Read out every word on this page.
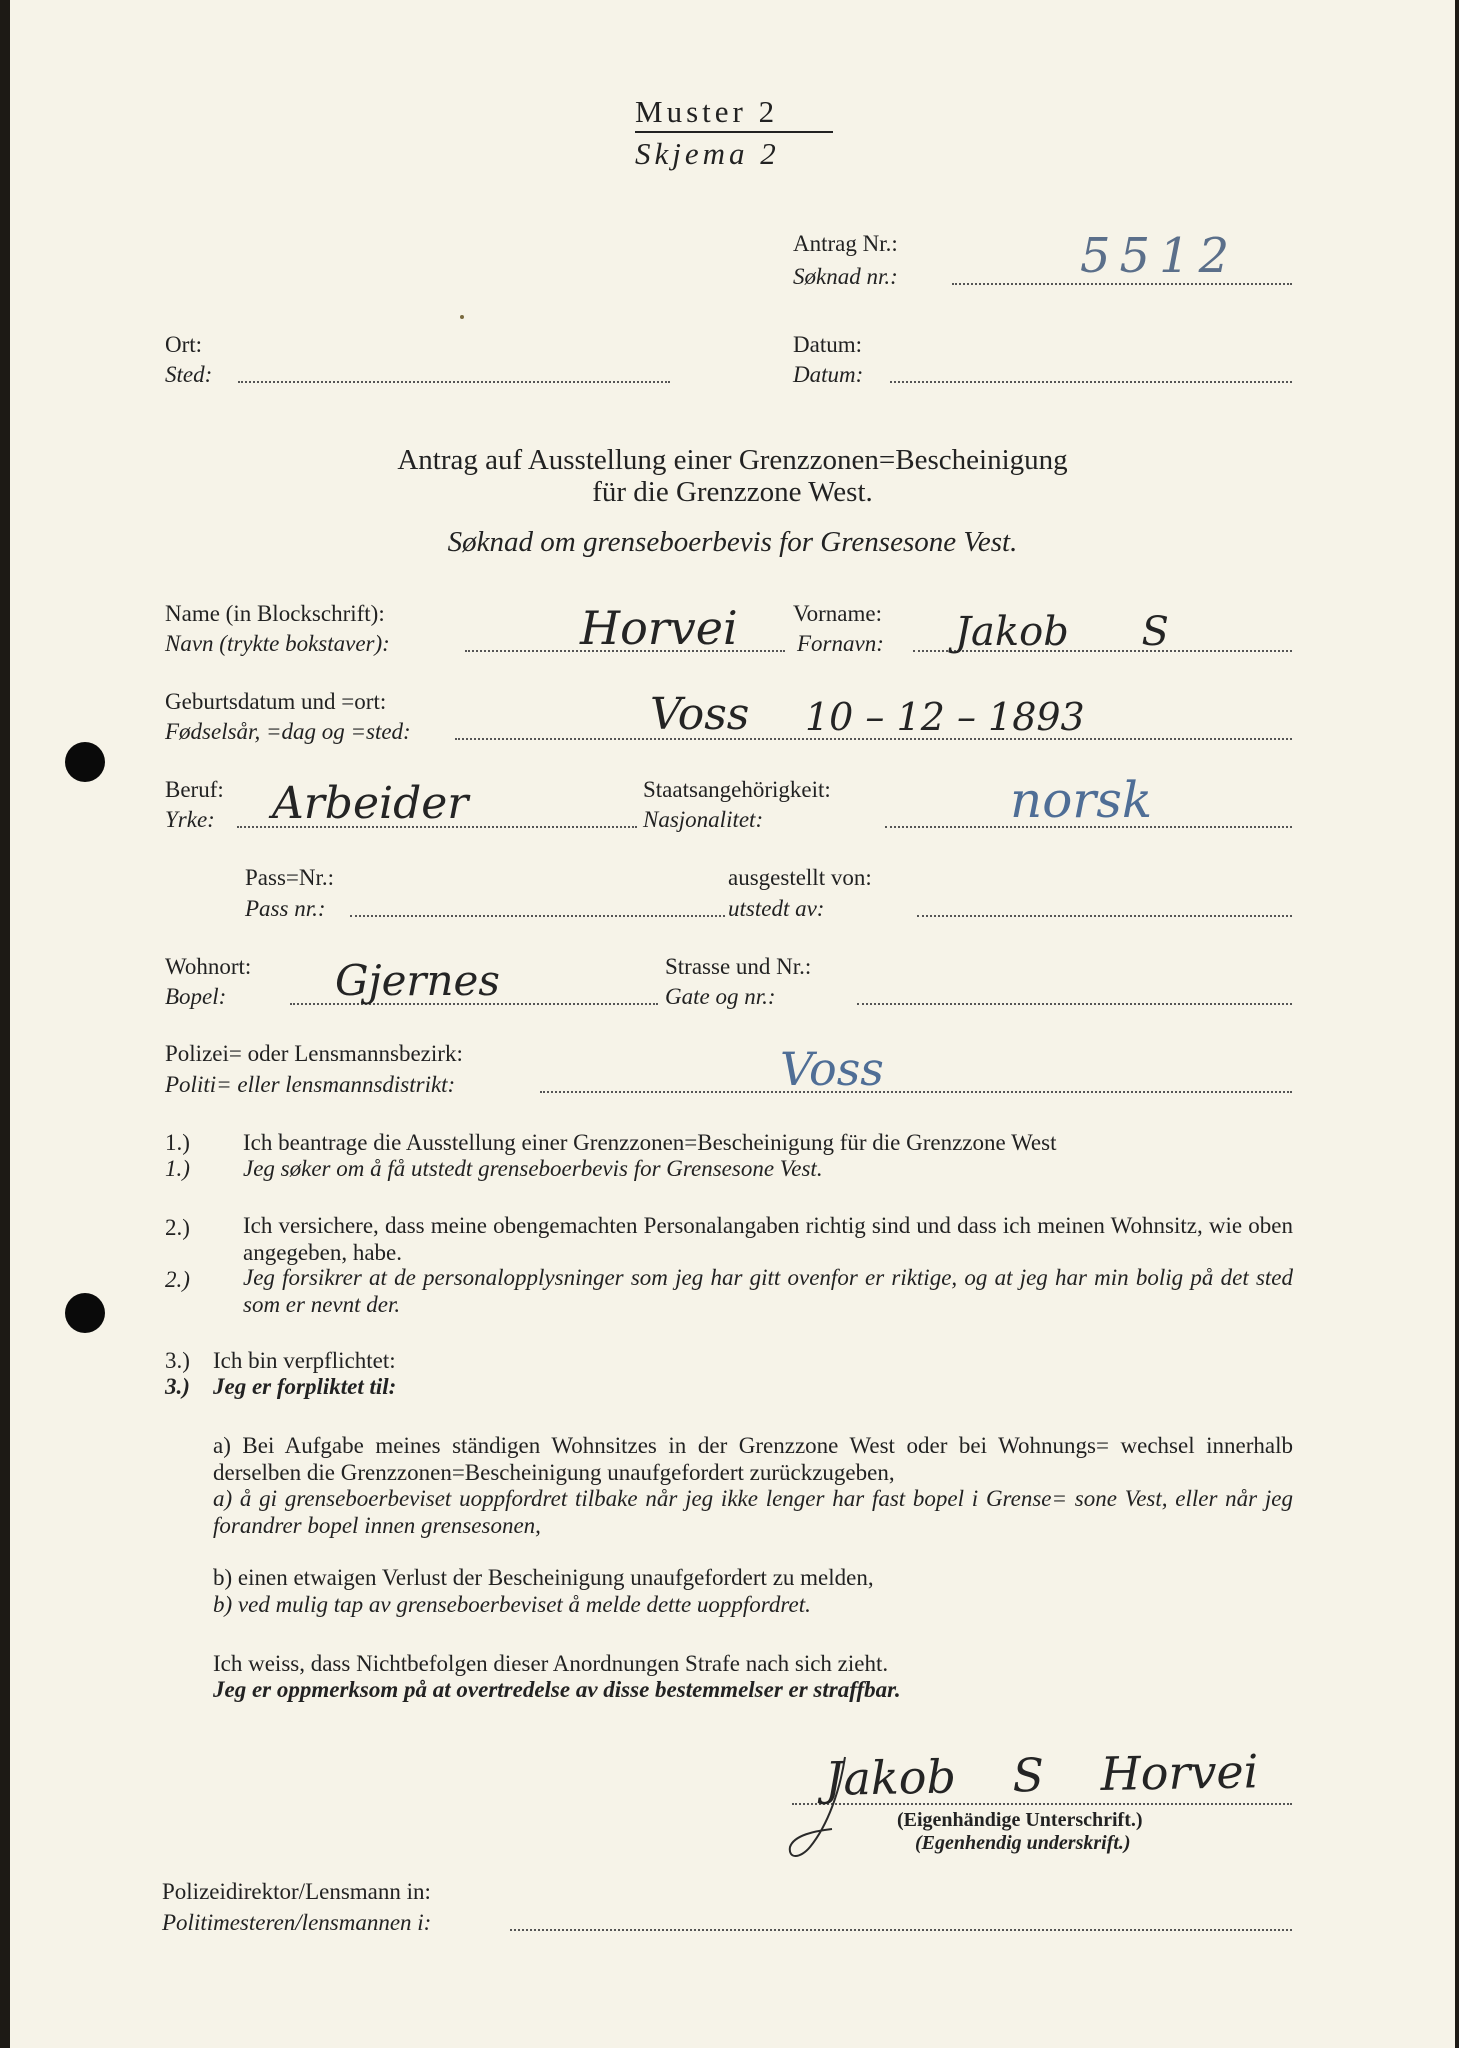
Muster 2
Skjema 2
Antrag Nr.:
Søknad nr.:	5512
Ort:
Sted:
Datum:
Datum:
Antrag auf Ausstellung einer Grenzzonen=Bescheinigung
für die Grenzzone West.
Søknad om grenseboerbevis for Grensesone Vest.
Name (in Blockschrift):
Navn (trykte bokstaver):	Horvei Vorname:
Fornavn: Jakob S
Geburtsdatum und =ort:
Fødselsår, =dag og =sted:	Voss 10 – 12 – 1893
Beruf:
Yrke: Arbeider	Staatsangehörigkeit:
Nasjonalitet:	norsk
Pass=Nr.:
Pass nr.:
ausgestellt von:
utstedt av:
Wohnort:
Bopel:	Gjernes	Strasse und Nr.:
Gate og nr.:
Polizei= oder Lensmannsbezirk:
Politi= eller lensmannsdistrikt:	Voss
1.)
1.)
Ich beantrage die Ausstellung einer Grenzzonen=Bescheinigung für die Grenzzone West
Jeg søker om å få utstedt grenseboerbevis for Grensesone Vest.
2.) Ich versichere, dass meine obengemachten Personalangaben richtig sind und dass ich meinen Wohnsitz, wie oben angegeben, habe.
2.) Jeg forsikrer at de personalopplysninger som jeg har gitt ovenfor er riktige, og at jeg har min bolig på det sted som er nevnt der.
3.) Ich bin verpflichtet:
3.) Jeg er forpliktet til:
a) Bei Aufgabe meines ständigen Wohnsitzes in der Grenzzone West oder bei Wohnungs= wechsel innerhalb derselben die Grenzzonen=Bescheinigung unaufgefordert zurückzugeben,
a) å gi grenseboerbeviset uoppfordret tilbake når jeg ikke lenger har fast bopel i Grense= sone Vest, eller når jeg forandrer bopel innen grensesonen,
b) einen etwaigen Verlust der Bescheinigung unaufgefordert zu melden,
b) ved mulig tap av grenseboerbeviset å melde dette uoppfordret.
Ich weiss, dass Nichtbefolgen dieser Anordnungen Strafe nach sich zieht.
Jeg er oppmerksom på at overtredelse av disse bestemmelser er straffbar.
Jakob S Horvei
(Eigenhändige Unterschrift.)
(Egenhendig underskrift.)
Polizeidirektor/Lensmann in:
Politimesteren/lensmannen i:
